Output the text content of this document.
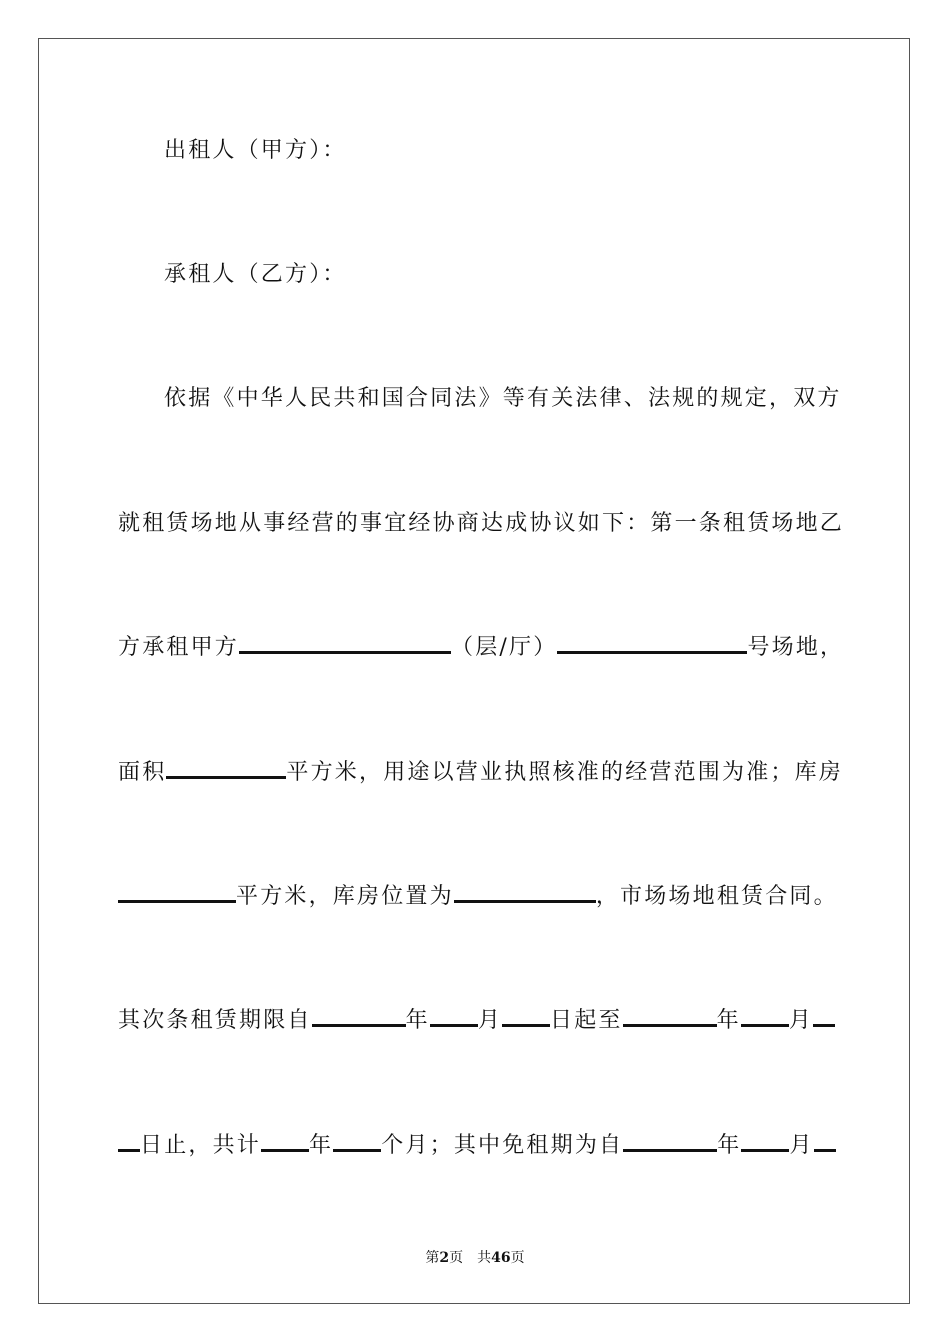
出租人（甲方）：
承租人（乙方）：
依据《中华人民共和国合同法》等有关法律、法规的规定，双方
就租赁场地从事经营的事宜经协商达成协议如下：第一条租赁场地乙
方承租甲方	（层/厅）	号场地，
面积	平方米，用途以营业执照核准的经营范围为准；库房
平方米，库房位置为	，市场场地租赁合同。
其次条租赁期限自	年 月 日起至	年 月
日止，共计 年 个月；其中免租期为自	年 月
第2页　共46页
